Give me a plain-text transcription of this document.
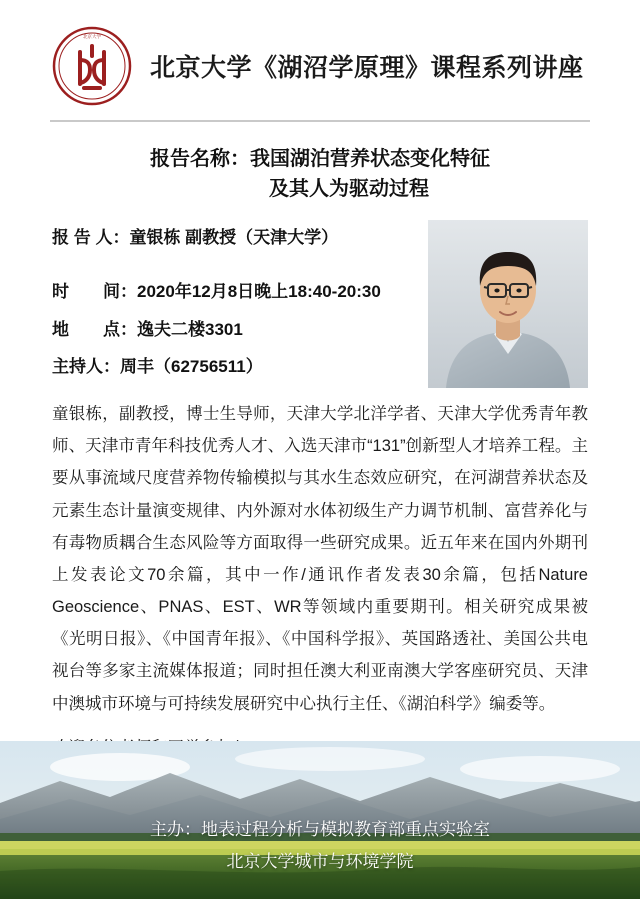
北京大学
北京大学《湖沼学原理》课程系列讲座
报告名称：我国湖泊营养状态变化特征
及其人为驱动过程
报 告 人：童银栋 副教授（天津大学）
时　　间：2020年12月8日晚上18:40-20:30
地　　点：逸夫二楼3301
主持人：周丰（62756511）
童银栋，副教授，博士生导师，天津大学北洋学者、天津大学优秀青年教师、天津市青年科技优秀人才、入选天津市“131”创新型人才培养工程。主要从事流域尺度营养物传输模拟与其水生态效应研究，在河湖营养状态及元素生态计量演变规律、内外源对水体初级生产力调节机制、富营养化与有毒物质耦合生态风险等方面取得一些研究成果。近五年来在国内外期刊上发表论文70余篇，其中一作/通讯作者发表30余篇，包括Nature Geoscience、PNAS、EST、WR等领域内重要期刊。相关研究成果被《光明日报》、《中国青年报》、《中国科学报》、英国路透社、美国公共电视台等多家主流媒体报道；同时担任澳大利亚南澳大学客座研究员、天津中澳城市环境与可持续发展研究中心执行主任、《湖泊科学》编委等。
主办：地表过程分析与模拟教育部重点实验室
北京大学城市与环境学院
